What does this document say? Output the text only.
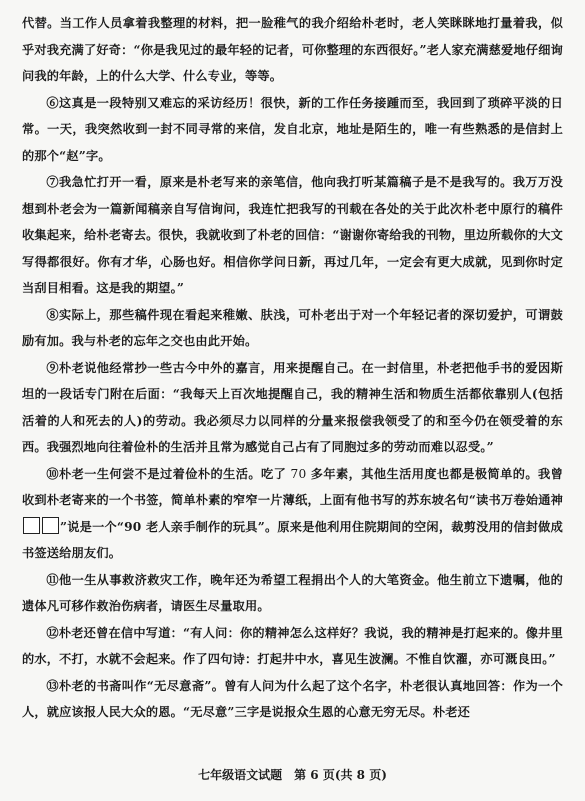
代替。当工作人员拿着我整理的材料，把一脸稚气的我介绍给朴老时，老人笑眯眯地打量着我，似乎对我充满了好奇：“你是我见过的最年轻的记者，可你整理的东西很好。”老人家充满慈爱地仔细询问我的年龄，上的什么大学、什么专业，等等。

⑥这真是一段特别又难忘的采访经历！很快，新的工作任务接踵而至，我回到了琐碎平淡的日常。一天，我突然收到一封不同寻常的来信，发自北京，地址是陌生的，唯一有些熟悉的是信封上的那个“赵”字。

⑦我急忙打开一看，原来是朴老写来的亲笔信，他向我打听某篇稿子是不是我写的。我万万没想到朴老会为一篇新闻稿亲自写信询问，我连忙把我写的刊载在各处的关于此次朴老中原行的稿件收集起来，给朴老寄去。很快，我就收到了朴老的回信：“谢谢你寄给我的刊物，里边所载你的大文写得都很好。你有才华，心肠也好。相信你学问日新，再过几年，一定会有更大成就，见到你时定当刮目相看。这是我的期望。”

⑧实际上，那些稿件现在看起来稚嫩、肤浅，可朴老出于对一个年轻记者的深切爱护，可谓鼓励有加。我与朴老的忘年之交也由此开始。

⑨朴老说他经常抄一些古今中外的嘉言，用来提醒自己。在一封信里，朴老把他手书的爱因斯坦的一段话专门附在后面：“我每天上百次地提醒自己，我的精神生活和物质生活都依靠别人(包括活着的人和死去的人)的劳动。我必须尽力以同样的分量来报偿我领受了的和至今仍在领受着的东西。我强烈地向往着俭朴的生活并且常为感觉自己占有了同胞过多的劳动而难以忍受。”

⑩朴老一生何尝不是过着俭朴的生活。吃了 70 多年素，其他生活用度也都是极简单的。我曾收到朴老寄来的一个书签，简单朴素的窄窄一片薄纸，上面有他书写的苏东坡名句“读书万卷始通神”说是一个“90 老人亲手制作的玩具”。原来是他利用住院期间的空闲，裁剪没用的信封做成书签送给朋友们。

⑪他一生从事救济救灾工作，晚年还为希望工程捐出个人的大笔资金。他生前立下遗嘱，他的遗体凡可移作救治伤病者，请医生尽量取用。

⑫朴老还曾在信中写道：“有人问：你的精神怎么这样好？我说，我的精神是打起来的。像井里的水，不打，水就不会起来。作了四句诗：打起井中水，喜见生波澜。不惟自饮濯，亦可溉良田。”

⑬朴老的书斋叫作“无尽意斋”。曾有人问为什么起了这个名字，朴老很认真地回答：作为一个人，就应该报人民大众的恩。“无尽意”三字是说报众生恩的心意无穷无尽。朴老还

七年级语文试题 第 6 页(共 8 页)
